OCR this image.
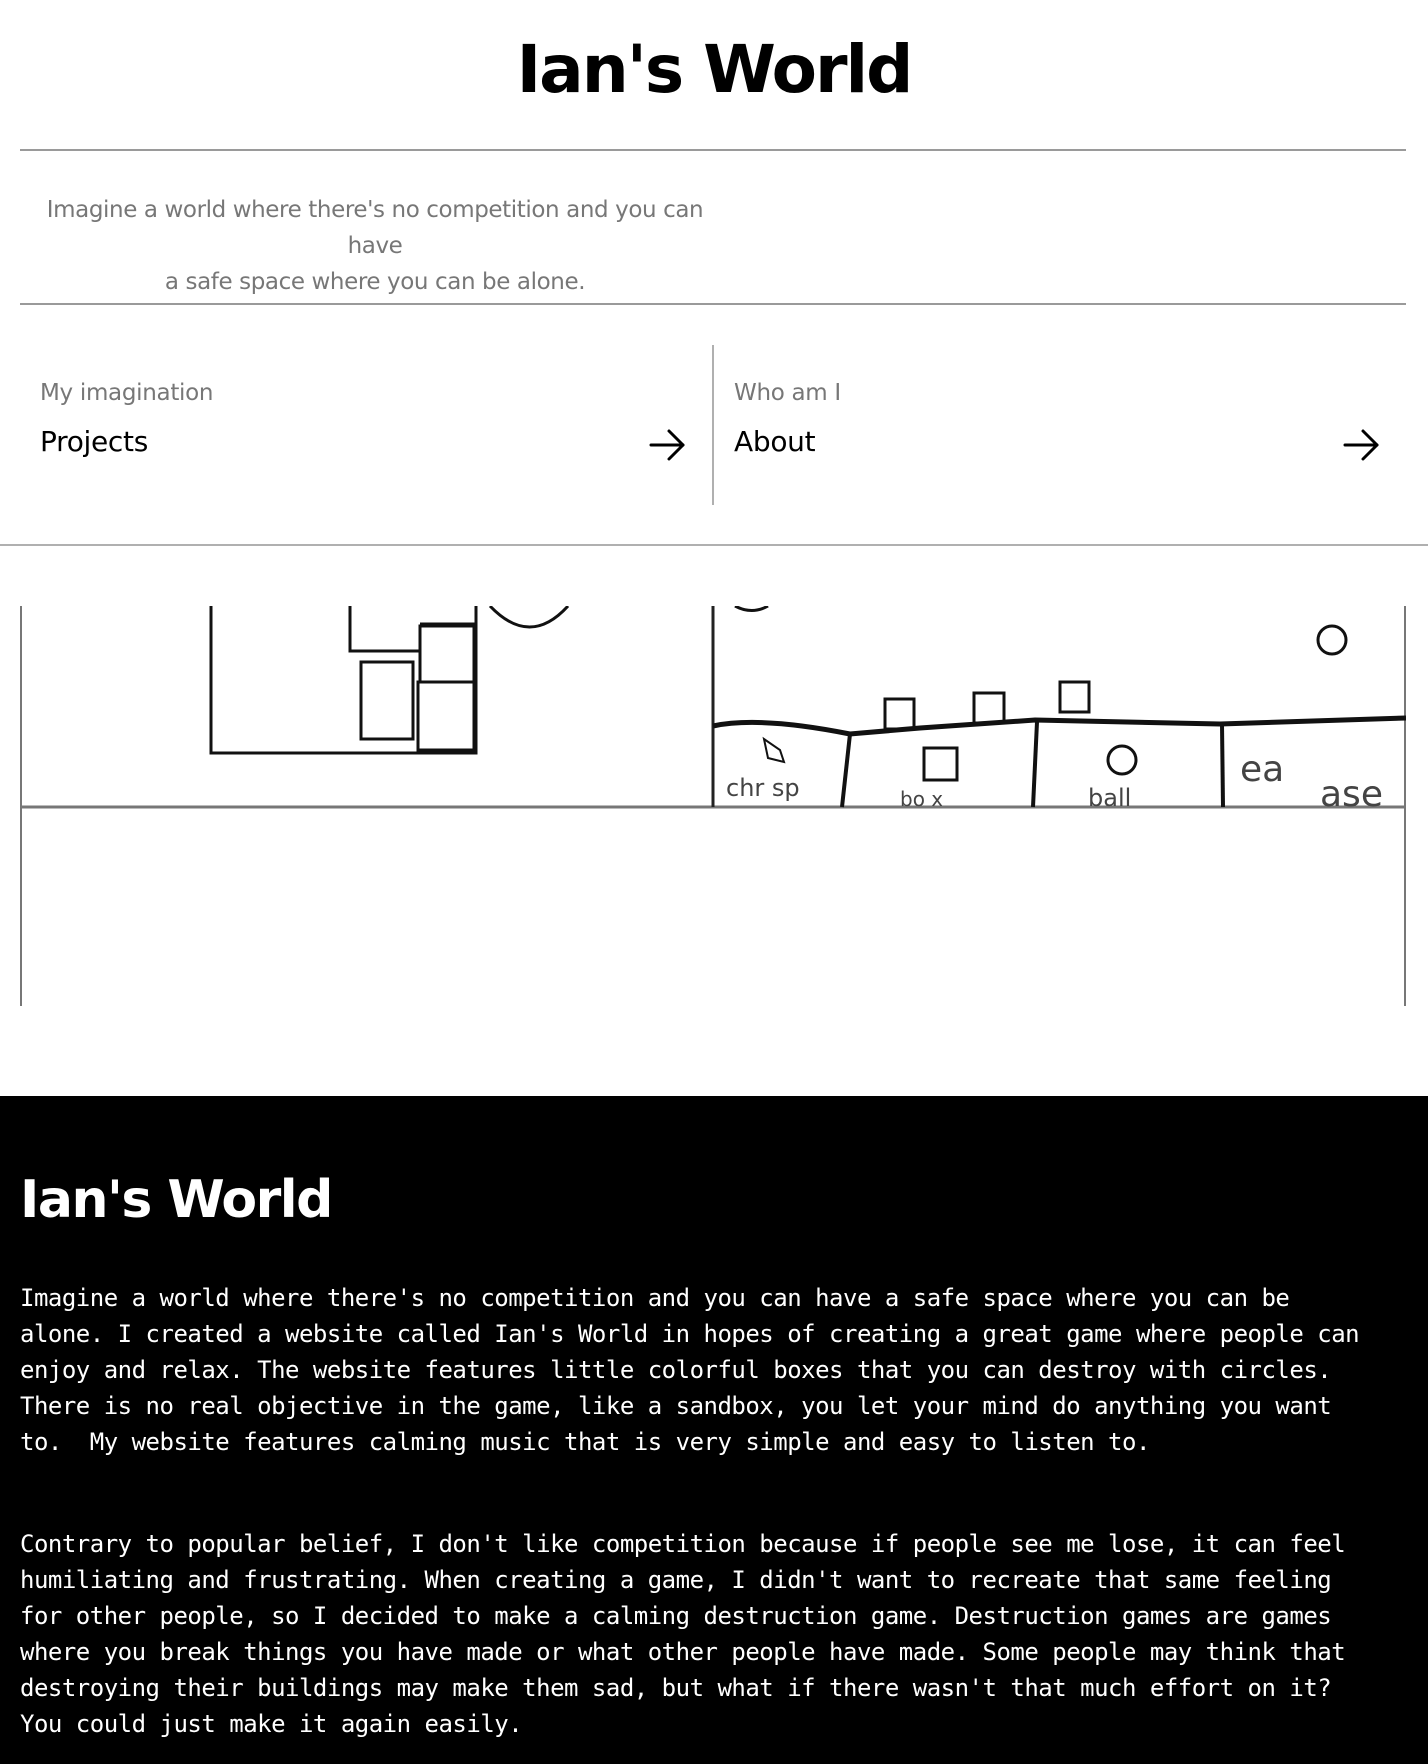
Ian's World
Imagine a world where there's no competition and you can have
a safe space where you can be alone.
My imagination
Projects
Who am I
About
chr sp	bo x	ball
ea
ase
Ian's World
Imagine a world where there's no competition and you can have a safe space where you can be
alone. I created a website called Ian's World in hopes of creating a great game where people can
enjoy and relax. The website features little colorful boxes that you can destroy with circles.
There is no real objective in the game, like a sandbox, you let your mind do anything you want
to.  My website features calming music that is very simple and easy to listen to.
Contrary to popular belief, I don't like competition because if people see me lose, it can feel
humiliating and frustrating. When creating a game, I didn't want to recreate that same feeling
for other people, so I decided to make a calming destruction game. Destruction games are games
where you break things you have made or what other people have made. Some people may think that
destroying their buildings may make them sad, but what if there wasn't that much effort on it?
You could just make it again easily.
